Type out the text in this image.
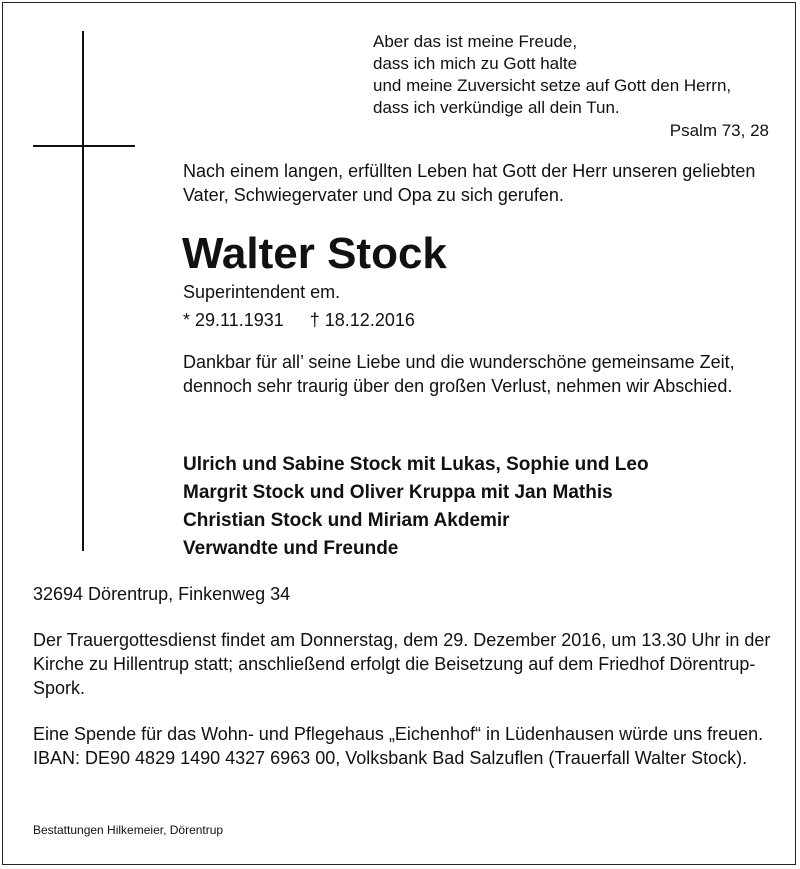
Aber das ist meine Freude,
dass ich mich zu Gott halte
und meine Zuversicht setze auf Gott den Herrn,
dass ich verkündige all dein Tun.
Psalm 73, 28

Nach einem langen, erfüllten Leben hat Gott der Herr unseren geliebten Vater, Schwiegervater und Opa zu sich gerufen.

Walter Stock
Superintendent em.
* 29.11.1931 † 18.12.2016

Dankbar für all’ seine Liebe und die wunderschöne gemeinsame Zeit, dennoch sehr traurig über den großen Verlust, nehmen wir Abschied.

Ulrich und Sabine Stock mit Lukas, Sophie und Leo
Margrit Stock und Oliver Kruppa mit Jan Mathis
Christian Stock und Miriam Akdemir
Verwandte und Freunde
32694 Dörentrup, Finkenweg 34

Der Trauergottesdienst findet am Donnerstag, dem 29. Dezember 2016, um 13.30 Uhr in der Kirche zu Hillentrup statt; anschließend erfolgt die Beisetzung auf dem Friedhof Dörentrup-Spork.

Eine Spende für das Wohn- und Pflegehaus „Eichenhof“ in Lüdenhausen würde uns freuen. IBAN: DE90 4829 1490 4327 6963 00, Volksbank Bad Salzuflen (Trauerfall Walter Stock).

Bestattungen Hilkemeier, Dörentrup
